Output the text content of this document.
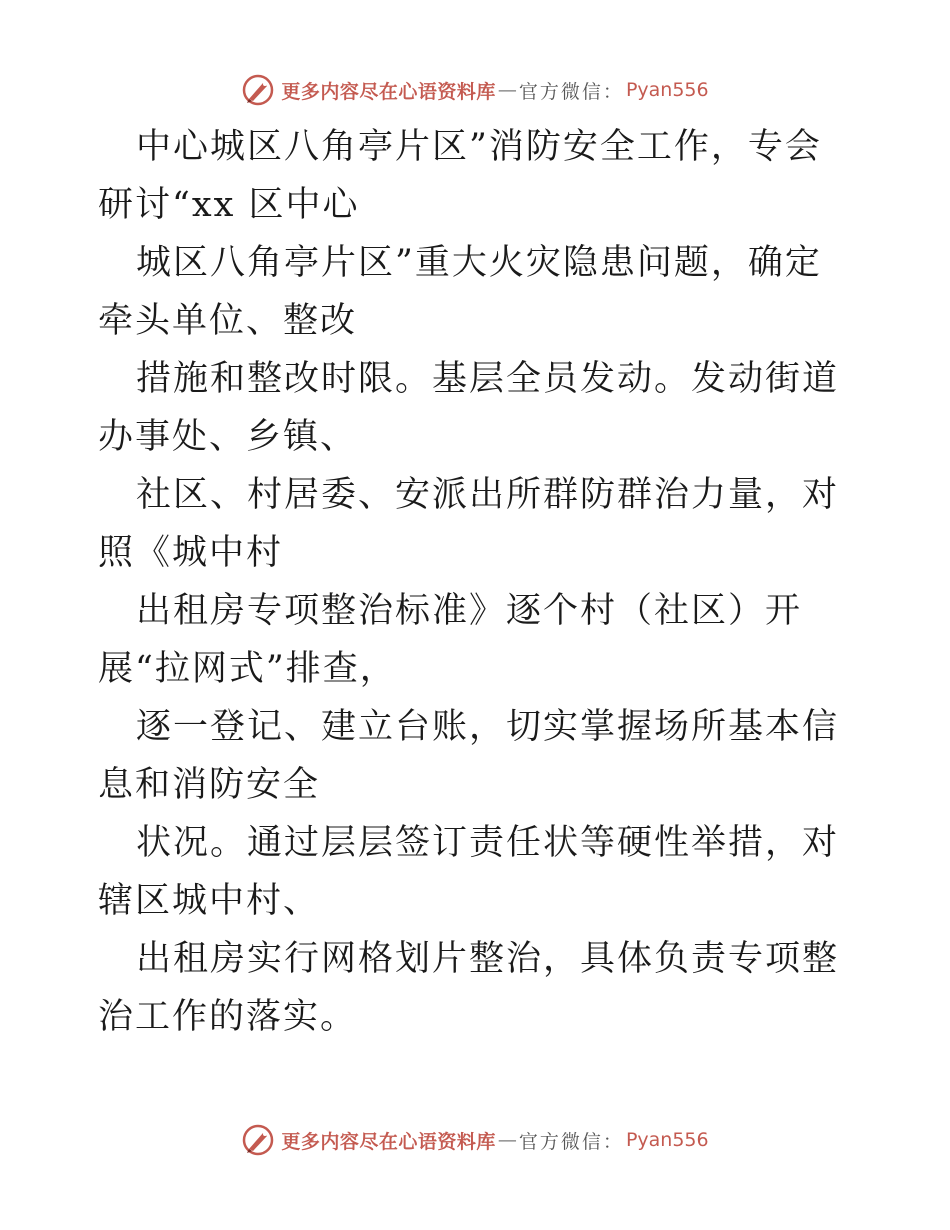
更多内容尽在心语资料库 — 官方微信： Pyan556

中心城区八角亭片区”消防安全工作，专会研讨“xx 区中心

城区八角亭片区”重大火灾隐患问题，确定牵头单位、整改

措施和整改时限。基层全员发动。发动街道办事处、乡镇、

社区、村居委、安派出所群防群治力量，对照《城中村

出租房专项整治标准》逐个村（社区）开展“拉网式”排查，

逐一登记、建立台账，切实掌握场所基本信息和消防安全

状况。通过层层签订责任状等硬性举措，对辖区城中村、

出租房实行网格划片整治，具体负责专项整治工作的落实。

更多内容尽在心语资料库 — 官方微信： Pyan556
